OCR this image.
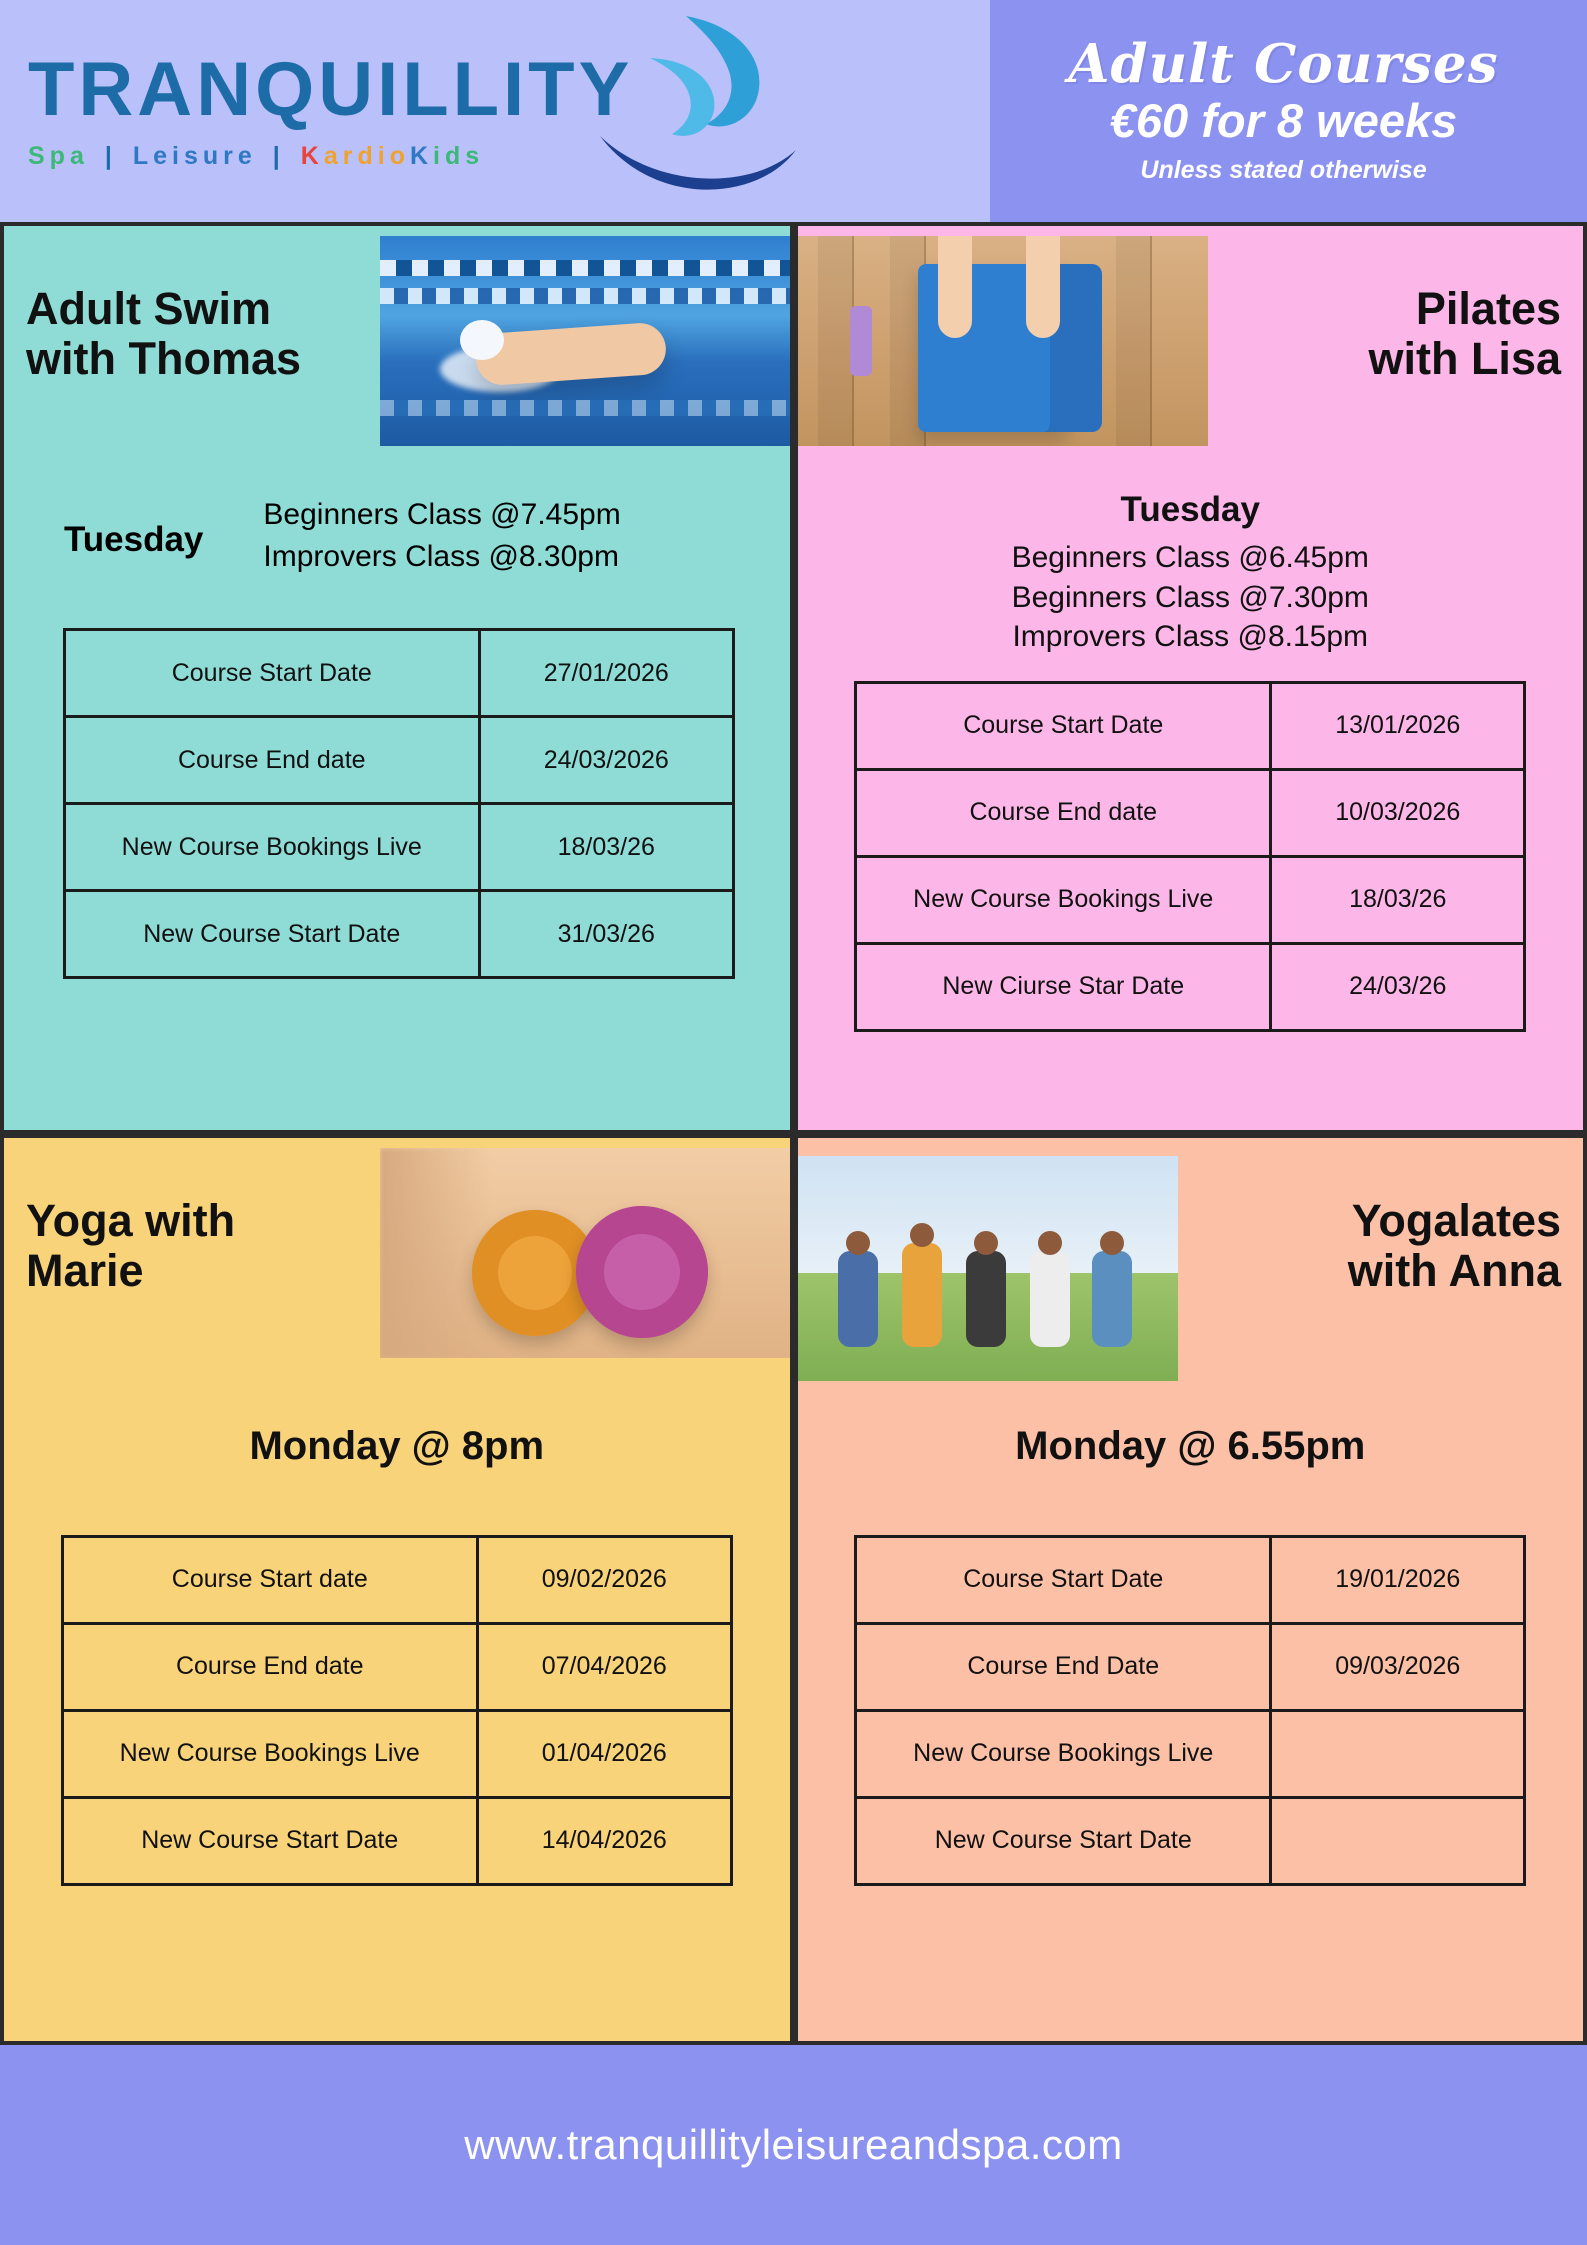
TRANQUILLITY
Spa | Leisure | K ardio K ids
Adult Courses
€60 for 8 weeks
Unless stated otherwise
Adult Swim
with Thomas
Tuesday

Beginners Class @7.45pm

Improvers Class @8.30pm

Course Start Date	27/01/2026
Course End date	24/03/2026
New Course Bookings Live	18/03/26
New Course Start Date	31/03/26
Pilates
with Lisa

Tuesday

Beginners Class @6.45pm

Beginners Class @7.30pm

Improvers Class @8.15pm

Course Start Date	13/01/2026
Course End date	10/03/2026
New Course Bookings Live	18/03/26
New Ciurse Star Date	24/03/26
Yoga with
Marie
Monday @ 8pm
Course Start date	09/02/2026
Course End date	07/04/2026
New Course Bookings Live	01/04/2026
New Course Start Date	14/04/2026
Yogalates
with Anna
Monday @ 6.55pm
Course Start Date	19/01/2026
Course End Date	09/03/2026
New Course Bookings Live	
New Course Start Date	
www.tranquillityleisureandspa.com
